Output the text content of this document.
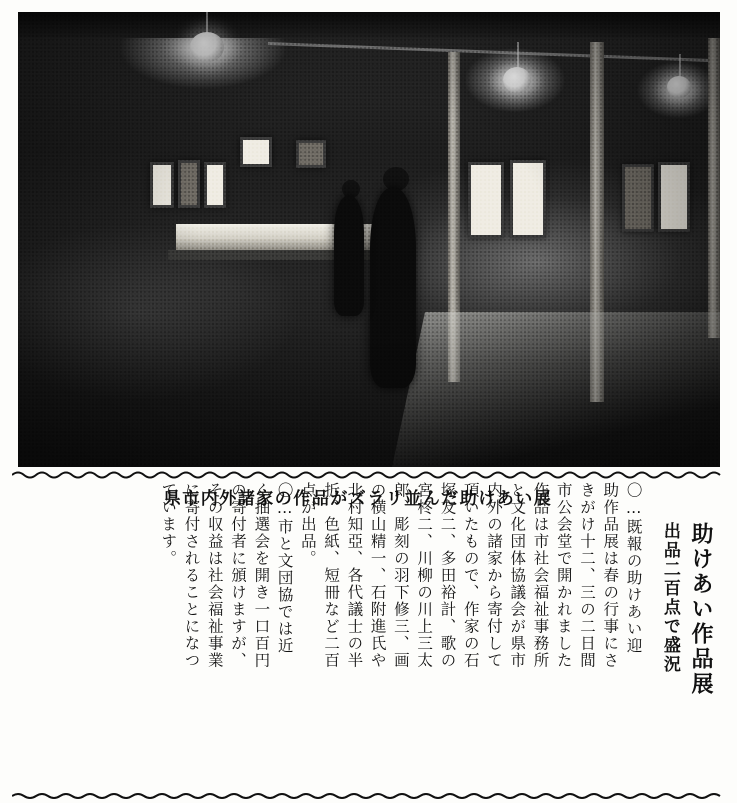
県市内外諸家の作品がズラリ並んだ助けあい展
助けあい作品展
出品二百点で盛況
〇…既報の助けあい迎
助作品展は春の行事にさ
きがけ十二、三の二日間
市公会堂で開かれました
作品は市社会福祉事務所
と文化団体協議会が県市
内外の諸家から寄付して
頂いたもので、作家の石
塚友二、多田裕計、歌の
宮柊二、川柳の川上三太
郎、彫刻の羽下修三、画
の横山精一、石附進氏や
北村知亞、各代議士の半
折、色紙、短冊など二百
点が出品。
〇…市と文団協では近
く抽選会を開き一口百円
の寄付者に頒けますが、
その収益は社会福祉事業
に寄付されることになつ
ています。
